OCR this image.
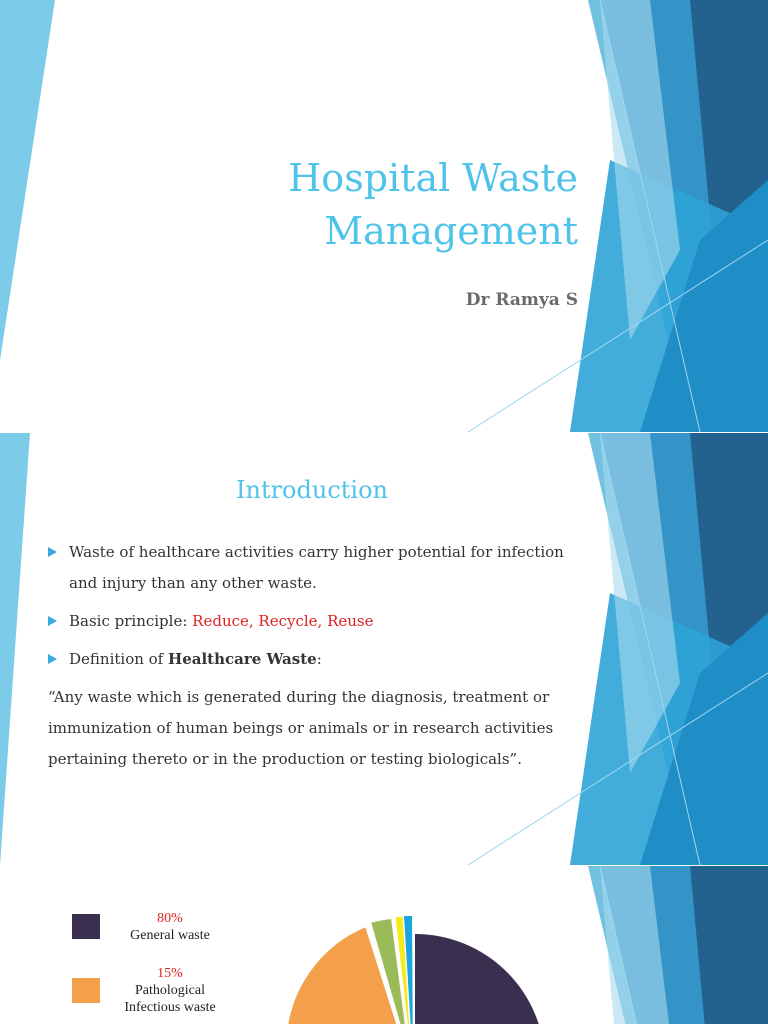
Hospital Waste
Management
Dr Ramya S
Introduction
Waste of healthcare activities carry higher potential for infection and injury than any other waste.
Basic principle: Reduce, Recycle, Reuse
Definition of Healthcare Waste:
“Any waste which is generated during the diagnosis, treatment or immunization of human beings or animals or in research activities pertaining thereto or in the production or testing biologicals”.
80%
General waste
15%
Pathological
Infectious waste
